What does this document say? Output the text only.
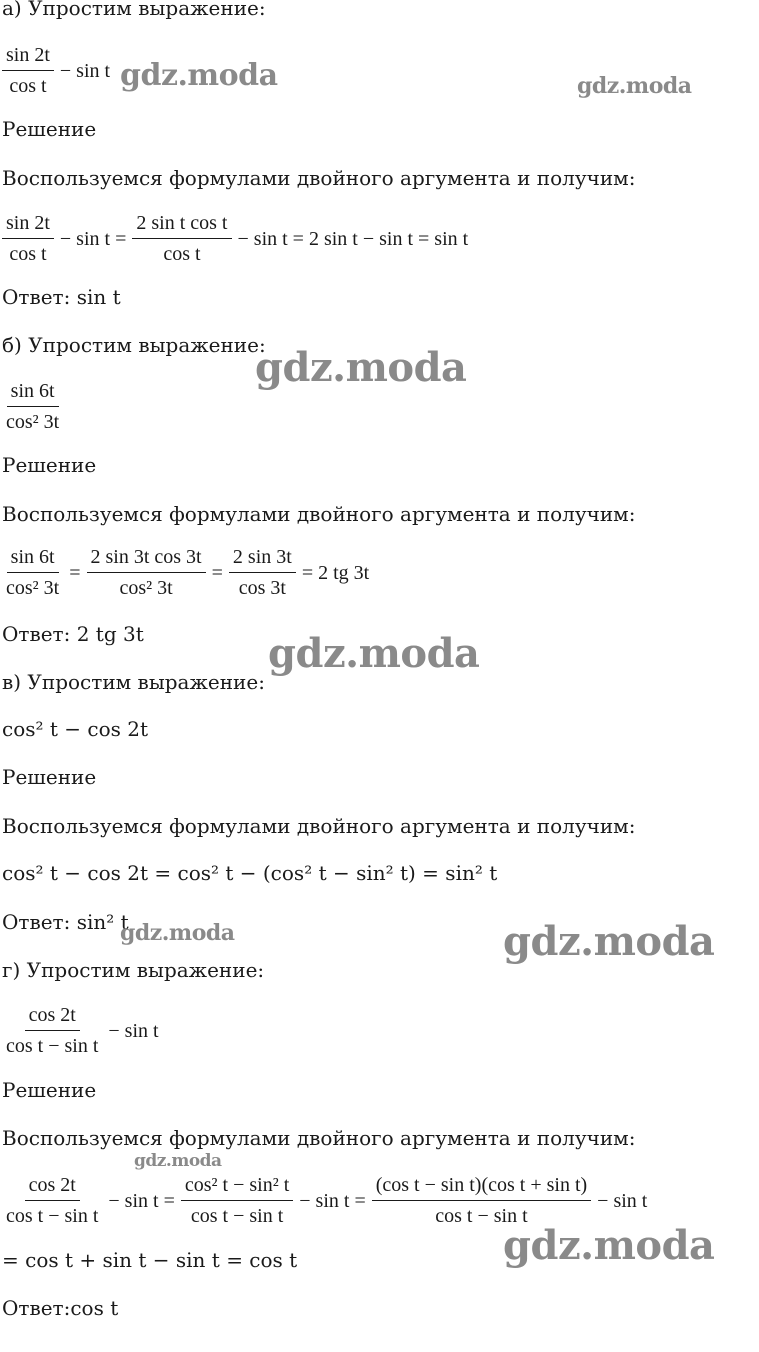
а) Упростим выражение:
$\frac{\sin 2t}{\text{cos t}} - \sin t$
Решение
Воспользуемся формулами двойного аргумента и получим:
$\frac{\sin 2t}{\text{cos t}} - \sin t = \frac{\text{2 sin t cos t}}{\text{cos t}} - \sin t = 2$ sin t − sin t = sin t
Ответ: sin t
б) Упростим выражение:
$\frac{\sin 6t}{\text{cos² 3t}}$
Решение
Воспользуемся формулами двойного аргумента и получим:
$\frac{\sin 6t}{\text{cos² 3t}} = \frac{\text{2 sin 3t cos 3t}}{\text{cos² 3t}} = \frac{2 \sin 3t}{\cos 3t} = 2$ tg 3t
Ответ: 2 tg 3t
в) Упростим выражение:
cos² t − cos 2t
Решение
Воспользуемся формулами двойного аргумента и получим:
cos² t − cos 2t = cos² t − (cos² t − sin² t) = sin² t
Ответ: sin² t
г) Упростим выражение:
$\frac{\cos 2t}{\text{cos t − sin t}} - \sin t$
Решение
Воспользуемся формулами двойного аргумента и получим:
$\frac{\cos 2t}{\text{cos t − sin t}} - \sin t = \frac{\text{cos² t − sin² t}}{\text{cos t − sin t}} - \sin t = \frac{\text{(cos t − sin t)(cos t + sin t)}}{\text{cos t − sin t}} - \sin t$
= cos t + sin t − sin t = cos t
Ответ:cos t
gdz.moda	gdz.moda
gdz.moda
gdz.moda
gdz.moda	gdz.moda
gdz.moda
gdz.moda
